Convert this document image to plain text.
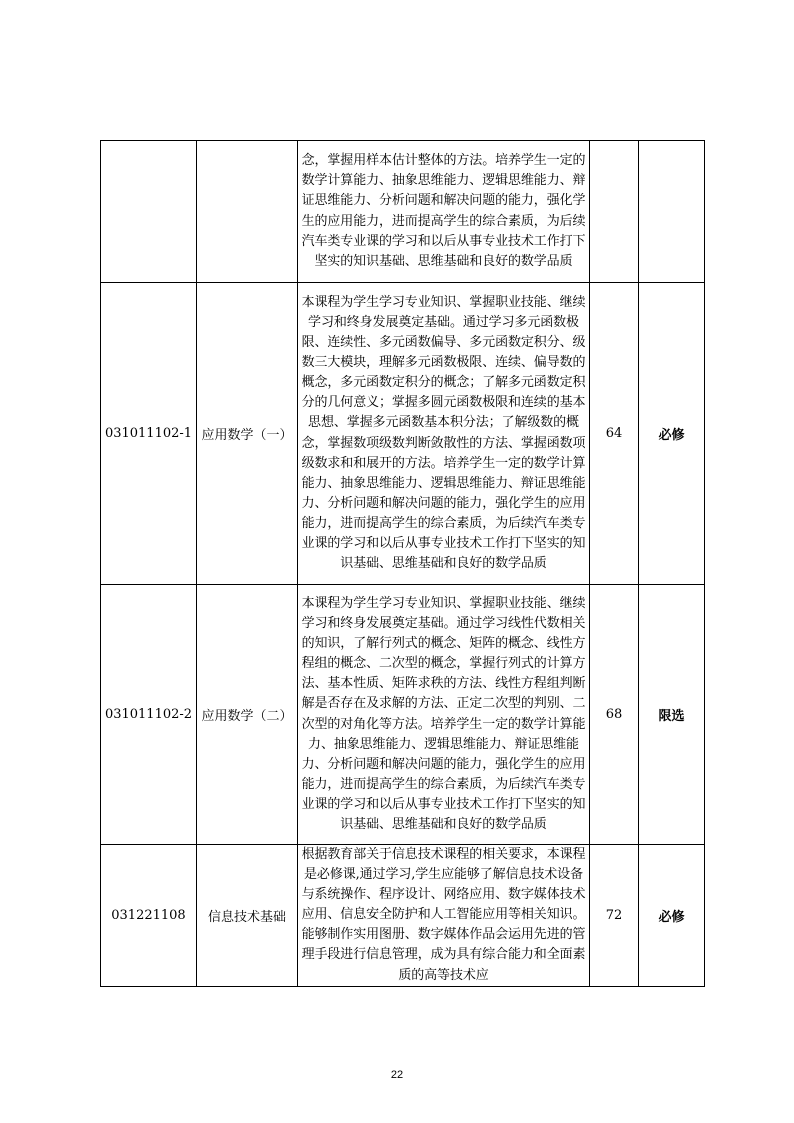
		念，掌握用样本估计整体的方法。培养学生一定的数学计算能力、抽象思维能力、逻辑思维能力、辩证思维能力、分析问题和解决问题的能力，强化学生的应用能力，进而提高学生的综合素质，为后续汽车类专业课的学习和以后从事专业技术工作打下坚实的知识基础、思维基础和良好的数学品质		
031011102-1	应用数学（一）	本课程为学生学习专业知识、掌握职业技能、继续学习和终身发展奠定基础。通过学习多元函数极限、连续性、多元函数偏导、多元函数定积分、级数三大模块，理解多元函数极限、连续、偏导数的概念，多元函数定积分的概念；了解多元函数定积分的几何意义；掌握多圆元函数极限和连续的基本思想、掌握多元函数基本积分法；了解级数的概念，掌握数项级数判断敛散性的方法、掌握函数项级数求和和展开的方法。培养学生一定的数学计算能力、抽象思维能力、逻辑思维能力、辩证思维能力、分析问题和解决问题的能力，强化学生的应用能力，进而提高学生的综合素质，为后续汽车类专业课的学习和以后从事专业技术工作打下坚实的知识基础、思维基础和良好的数学品质	64	必修
031011102-2	应用数学（二）	本课程为学生学习专业知识、掌握职业技能、继续学习和终身发展奠定基础。通过学习线性代数相关的知识，了解行列式的概念、矩阵的概念、线性方程组的概念、二次型的概念，掌握行列式的计算方法、基本性质、矩阵求秩的方法、线性方程组判断解是否存在及求解的方法、正定二次型的判别、二次型的对角化等方法。培养学生一定的数学计算能力、抽象思维能力、逻辑思维能力、辩证思维能力、分析问题和解决问题的能力，强化学生的应用能力，进而提高学生的综合素质，为后续汽车类专业课的学习和以后从事专业技术工作打下坚实的知识基础、思维基础和良好的数学品质	68	限选
031221108	信息技术基础	根据教育部关于信息技术课程的相关要求，本课程是必修课,通过学习,学生应能够了解信息技术设备与系统操作、程序设计、网络应用、数字媒体技术应用、信息安全防护和人工智能应用等相关知识。能够制作实用图册、数字媒体作品会运用先进的管理手段进行信息管理，成为具有综合能力和全面素质的高等技术应	72	必修
22
